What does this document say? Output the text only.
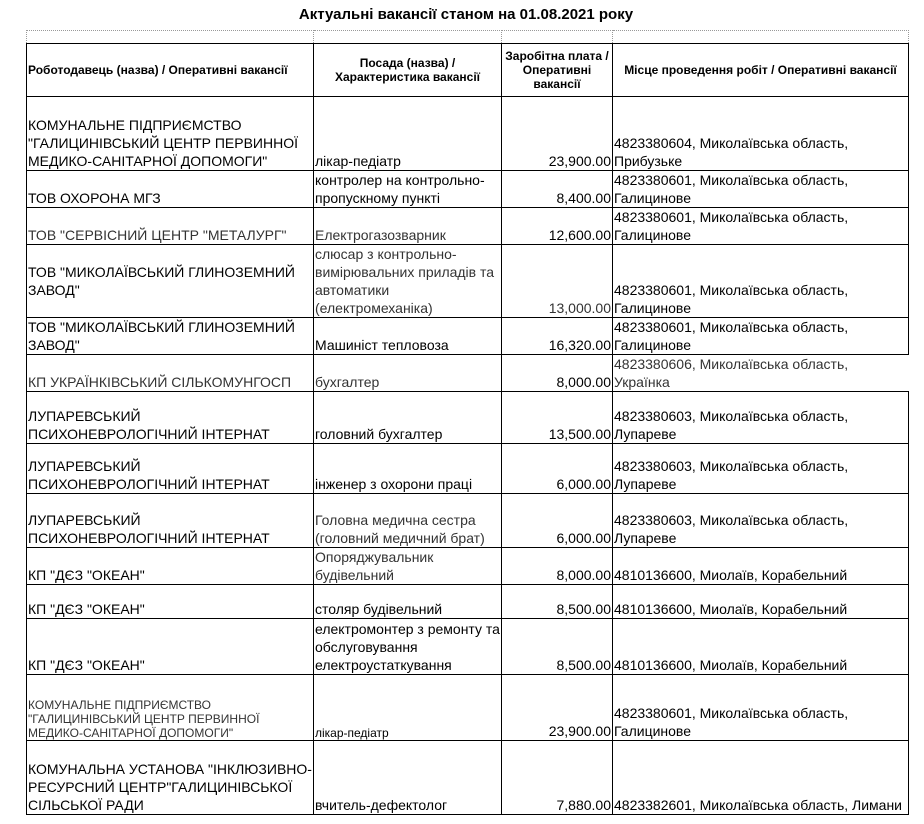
Актуальні вакансії станом на 01.08.2021 року

Роботодавець (назва) / Оперативні вакансії	Посада (назва) / Характеристика вакансії	Заробітна плата / Оперативні вакансії	Місце проведення робіт / Оперативні вакансії
КОМУНАЛЬНЕ ПІДПРИЄМСТВО "ГАЛИЦИНІВСЬКИЙ ЦЕНТР ПЕРВИННОЇ МЕДИКО-САНІТАРНОЇ ДОПОМОГИ"	лікар-педіатр	23,900.00	4823380604, Миколаївська область, Прибузьке
ТОВ ОХОРОНА МГЗ	контролер на контрольно-пропускному пункті	8,400.00	4823380601, Миколаївська область, Галицинове
ТОВ "СЕРВІСНИЙ ЦЕНТР "МЕТАЛУРГ"	Електрогазозварник	12,600.00	4823380601, Миколаївська область, Галицинове
ТОВ "МИКОЛАЇВСЬКИЙ ГЛИНОЗЕМНИЙ ЗАВОД"	слюсар з контрольно-вимірювальних приладів та автоматики (електромеханіка)	13,000.00	4823380601, Миколаївська область, Галицинове
ТОВ "МИКОЛАЇВСЬКИЙ ГЛИНОЗЕМНИЙ ЗАВОД"	Машиніст тепловоза	16,320.00	4823380601, Миколаївська область, Галицинове
КП УКРАЇНКІВСЬКИЙ СІЛЬКОМУНГОСП	бухгалтер	8,000.00	4823380606, Миколаївська область, Українка
ЛУПАРЕВСЬКИЙ ПСИХОНЕВРОЛОГІЧНИЙ ІНТЕРНАТ	головний бухгалтер	13,500.00	4823380603, Миколаївська область, Лупареве
ЛУПАРЕВСЬКИЙ ПСИХОНЕВРОЛОГІЧНИЙ ІНТЕРНАТ	інженер з охорони праці	6,000.00	4823380603, Миколаївська область, Лупареве
ЛУПАРЕВСЬКИЙ ПСИХОНЕВРОЛОГІЧНИЙ ІНТЕРНАТ	Головна медична сестра (головний медичний брат)	6,000.00	4823380603, Миколаївська область, Лупареве
КП "ДЄЗ "ОКЕАН"	Опоряджувальник будівельний	8,000.00	4810136600, Миолаїв, Корабельний
КП "ДЄЗ "ОКЕАН"	столяр будівельний	8,500.00	4810136600, Миолаїв, Корабельний
КП "ДЄЗ "ОКЕАН"	електромонтер з ремонту та обслуговування електроустаткування	8,500.00	4810136600, Миолаїв, Корабельний
КОМУНАЛЬНЕ ПІДПРИЄМСТВО "ГАЛИЦИНІВСЬКИЙ ЦЕНТР ПЕРВИННОЇ МЕДИКО-САНІТАРНОЇ ДОПОМОГИ"	лікар-педіатр	23,900.00	4823380601, Миколаївська область, Галицинове
КОМУНАЛЬНА УСТАНОВА "ІНКЛЮЗИВНО-РЕСУРСНИЙ ЦЕНТР"ГАЛИЦИНІВСЬКОЇ СІЛЬСЬКОЇ РАДИ	вчитель-дефектолог	7,880.00	4823382601, Миколаївська область, Лимани
